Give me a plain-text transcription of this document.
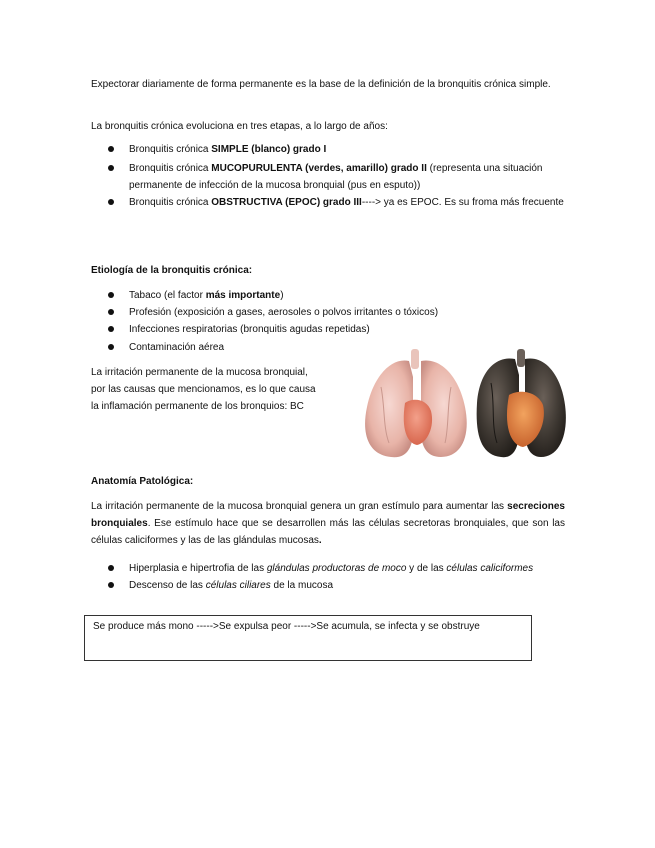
Expectorar diariamente de forma permanente es la base de la definición de la bronquitis crónica simple.

La bronquitis crónica evoluciona en tres etapas, a lo largo de años:

Bronquitis crónica SIMPLE (blanco) grado I

Bronquitis crónica MUCOPURULENTA (verdes, amarillo) grado II (representa una situación permanente de infección de la mucosa bronquial (pus en esputo))

Bronquitis crónica OBSTRUCTIVA (EPOC) grado III----> ya es EPOC. Es su froma más frecuente

Etiología de la bronquitis crónica:

Tabaco (el factor más importante)

Profesión (exposición a gases, aerosoles o polvos irritantes o tóxicos)

Infecciones respiratorias (bronquitis agudas repetidas)

Contaminación aérea

La irritación permanente de la mucosa bronquial,

por las causas que mencionamos, es lo que causa

la inflamación permanente de los bronquios: BC

Anatomía Patológica:

La irritación permanente de la mucosa bronquial genera un gran estímulo para aumentar las secreciones bronquiales. Ese estímulo hace que se desarrollen más las células secretoras bronquiales, que son las células caliciformes y las de las glándulas mucosas.

Hiperplasia e hipertrofia de las glándulas productoras de moco y de las células caliciformes

Descenso de las células ciliares de la mucosa

Se produce más mono ----->Se expulsa peor ----->Se acumula, se infecta y se obstruye
